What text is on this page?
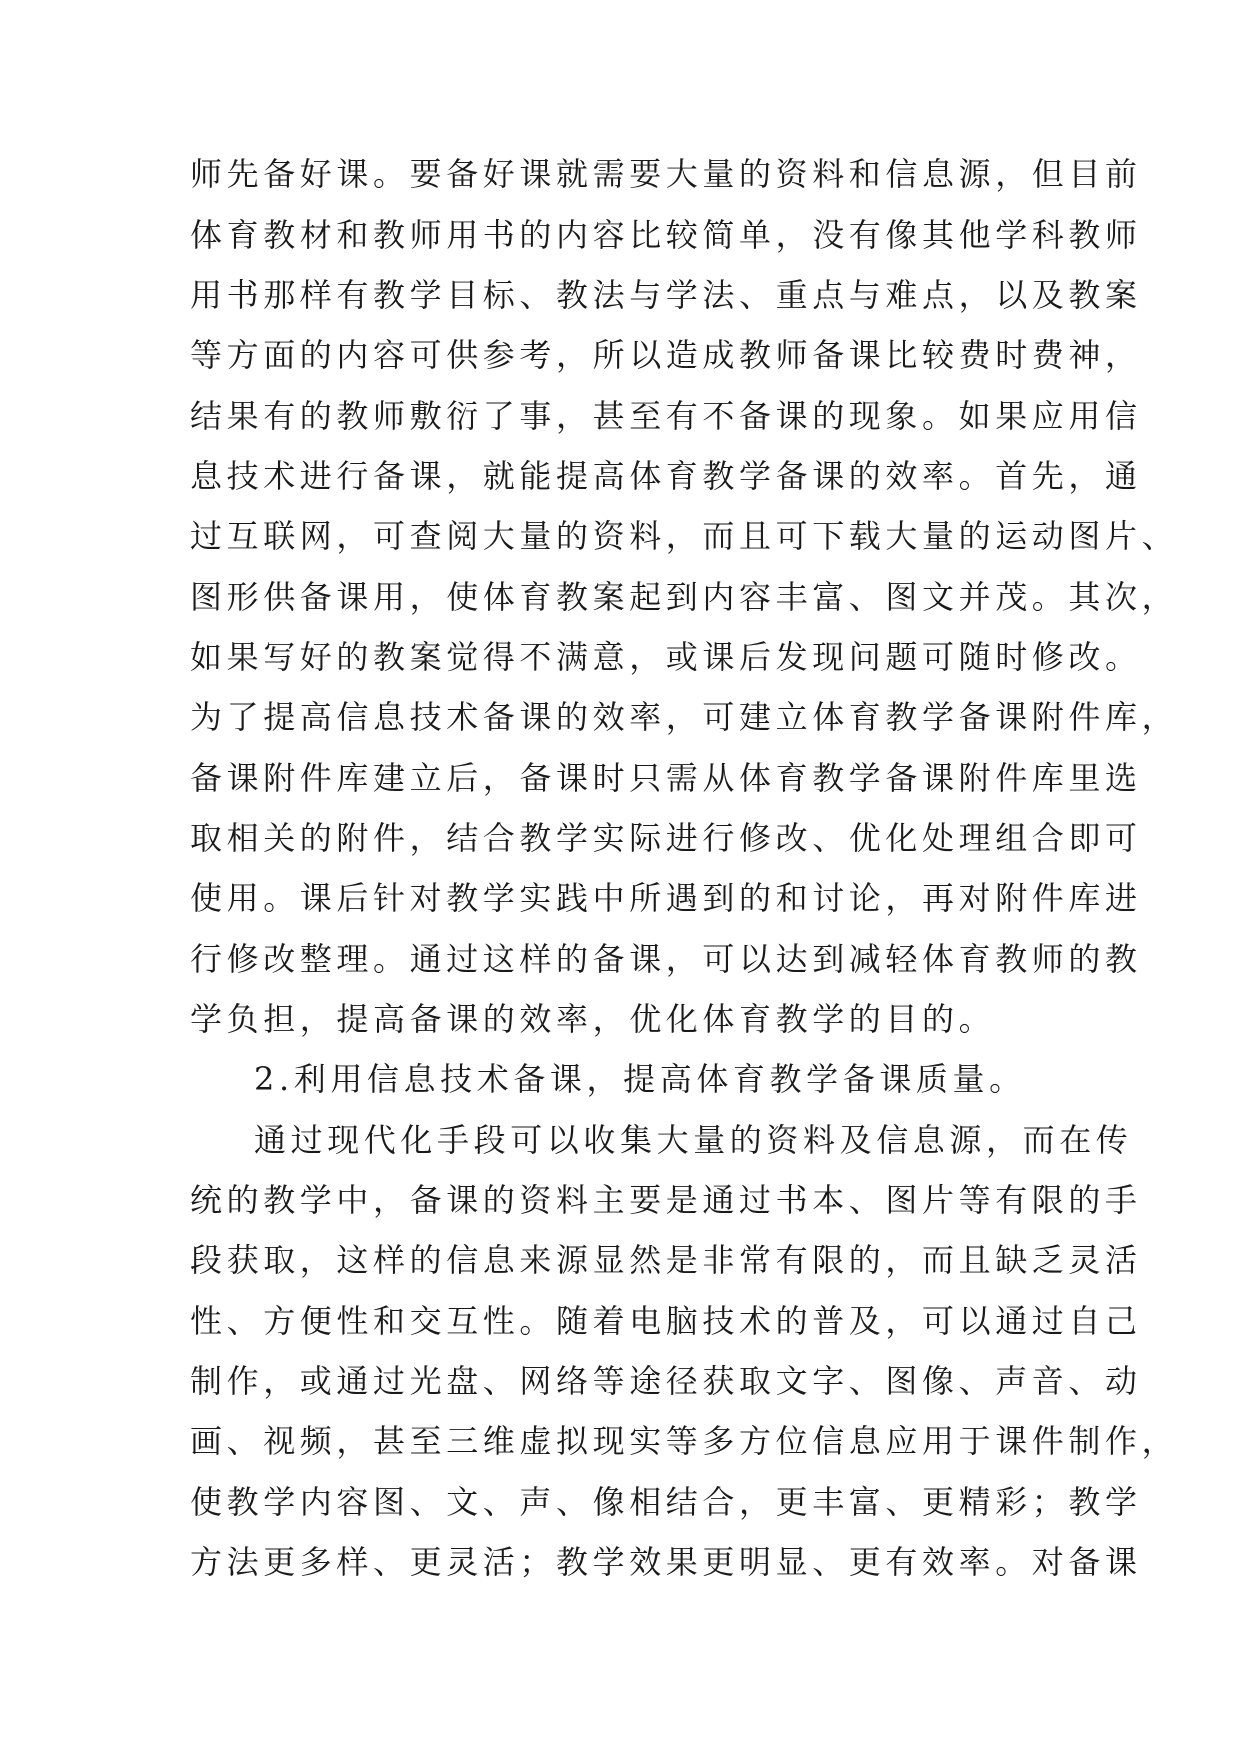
师先备好课。要备好课就需要大量的资料和信息源，但目前
体育教材和教师用书的内容比较简单，没有像其他学科教师
用书那样有教学目标、教法与学法、重点与难点，以及教案
等方面的内容可供参考，所以造成教师备课比较费时费神，
结果有的教师敷衍了事，甚至有不备课的现象。如果应用信
息技术进行备课，就能提高体育教学备课的效率。首先，通
过互联网，可查阅大量的资料，而且可下载大量的运动图片、
图形供备课用，使体育教案起到内容丰富、图文并茂。其次，
如果写好的教案觉得不满意，或课后发现问题可随时修改。
为了提高信息技术备课的效率，可建立体育教学备课附件库，
备课附件库建立后，备课时只需从体育教学备课附件库里选
取相关的附件，结合教学实际进行修改、优化处理组合即可
使用。课后针对教学实践中所遇到的和讨论，再对附件库进
行修改整理。通过这样的备课，可以达到减轻体育教师的教
学负担，提高备课的效率，优化体育教学的目的。
2.利用信息技术备课，提高体育教学备课质量。
通过现代化手段可以收集大量的资料及信息源，而在传
统的教学中，备课的资料主要是通过书本、图片等有限的手
段获取，这样的信息来源显然是非常有限的，而且缺乏灵活
性、方便性和交互性。随着电脑技术的普及，可以通过自己
制作，或通过光盘、网络等途径获取文字、图像、声音、动
画、视频，甚至三维虚拟现实等多方位信息应用于课件制作，
使教学内容图、文、声、像相结合，更丰富、更精彩；教学
方法更多样、更灵活；教学效果更明显、更有效率。对备课
